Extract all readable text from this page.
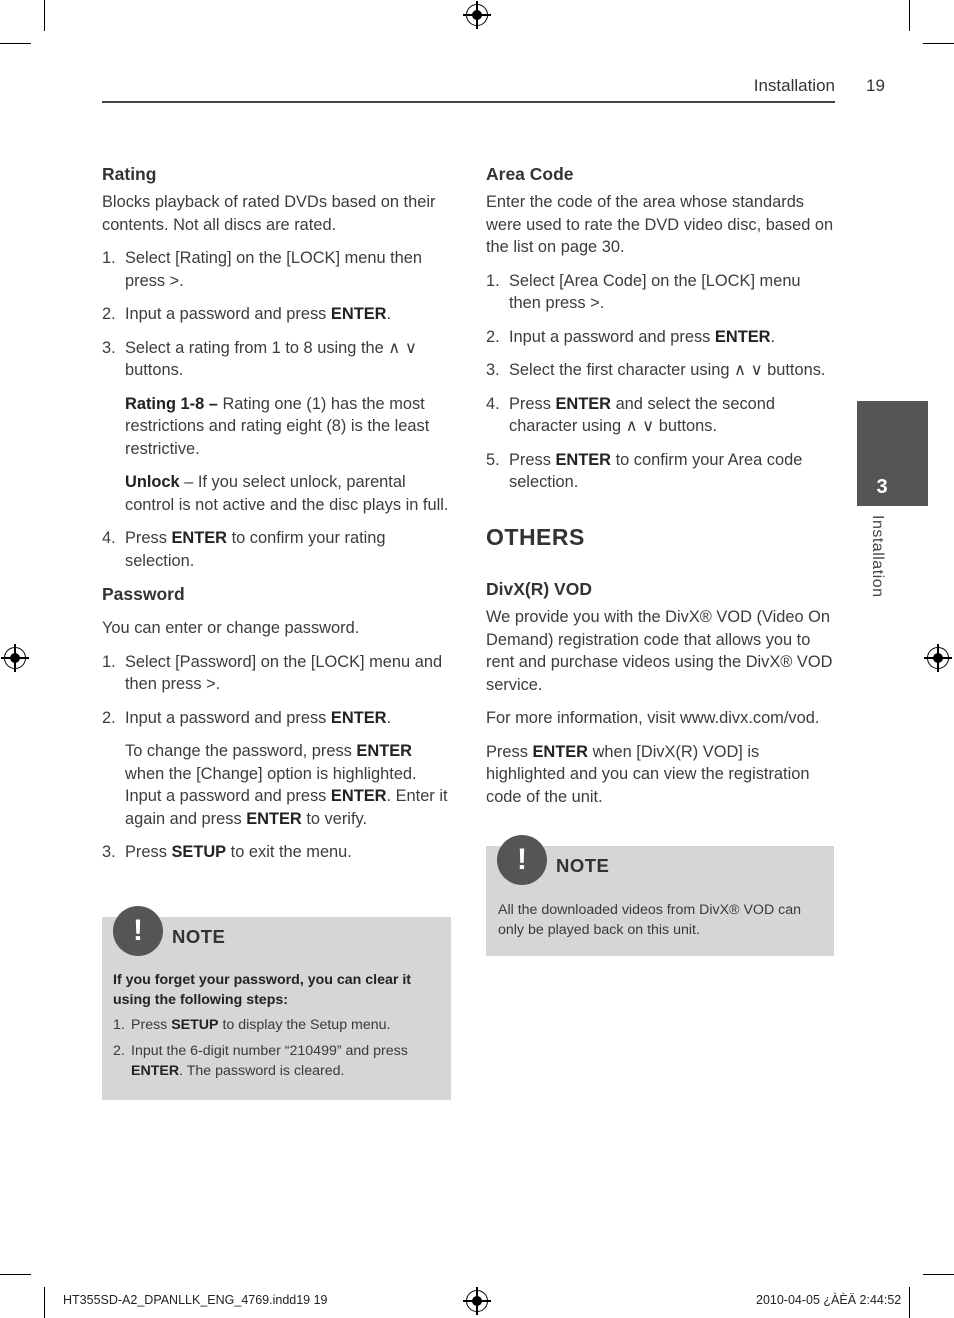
Installation 19
3
Installation
Rating

Blocks playback of rated DVDs based on their contents. Not all discs are rated.

1. Select [Rating] on the [LOCK] menu then press >.
2. Input a password and press ENTER.
3. Select a rating from 1 to 8 using the ∧ ∨ buttons.

Rating 1-8 – Rating one (1) has the most restrictions and rating eight (8) is the least restrictive.

Unlock – If you select unlock, parental control is not active and the disc plays in full.

4. Press ENTER to confirm your rating selection.
Password

You can enter or change password.

1. Select [Password] on the [LOCK] menu and then press >.
2. Input a password and press ENTER.

To change the password, press ENTER when the [Change] option is highlighted. Input a password and press ENTER. Enter it again and press ENTER to verify.

3. Press SETUP to exit the menu.
!	NOTE
If you forget your password, you can clear it using the following steps:
1. Press SETUP to display the Setup menu.
2. Input the 6-digit number “210499” and press ENTER. The password is cleared.
Area Code

Enter the code of the area whose standards were used to rate the DVD video disc, based on the list on page 30.

1. Select [Area Code] on the [LOCK] menu then press >.
2. Input a password and press ENTER.
3. Select the first character using ∧ ∨ buttons.
4. Press ENTER and select the second character using ∧ ∨ buttons.
5. Press ENTER to confirm your Area code selection.
OTHERS
DivX(R) VOD

We provide you with the DivX® VOD (Video On Demand) registration code that allows you to rent and purchase videos using the DivX® VOD service.

For more information, visit www.divx.com/vod.

Press ENTER when [DivX(R) VOD] is highlighted and you can view the registration code of the unit.

!	NOTE
All the downloaded videos from DivX® VOD can only be played back on this unit.
HT355SD-A2_DPANLLK_ENG_4769.indd19 19	2010-04-05 ¿ÀÈÄ 2:44:52
